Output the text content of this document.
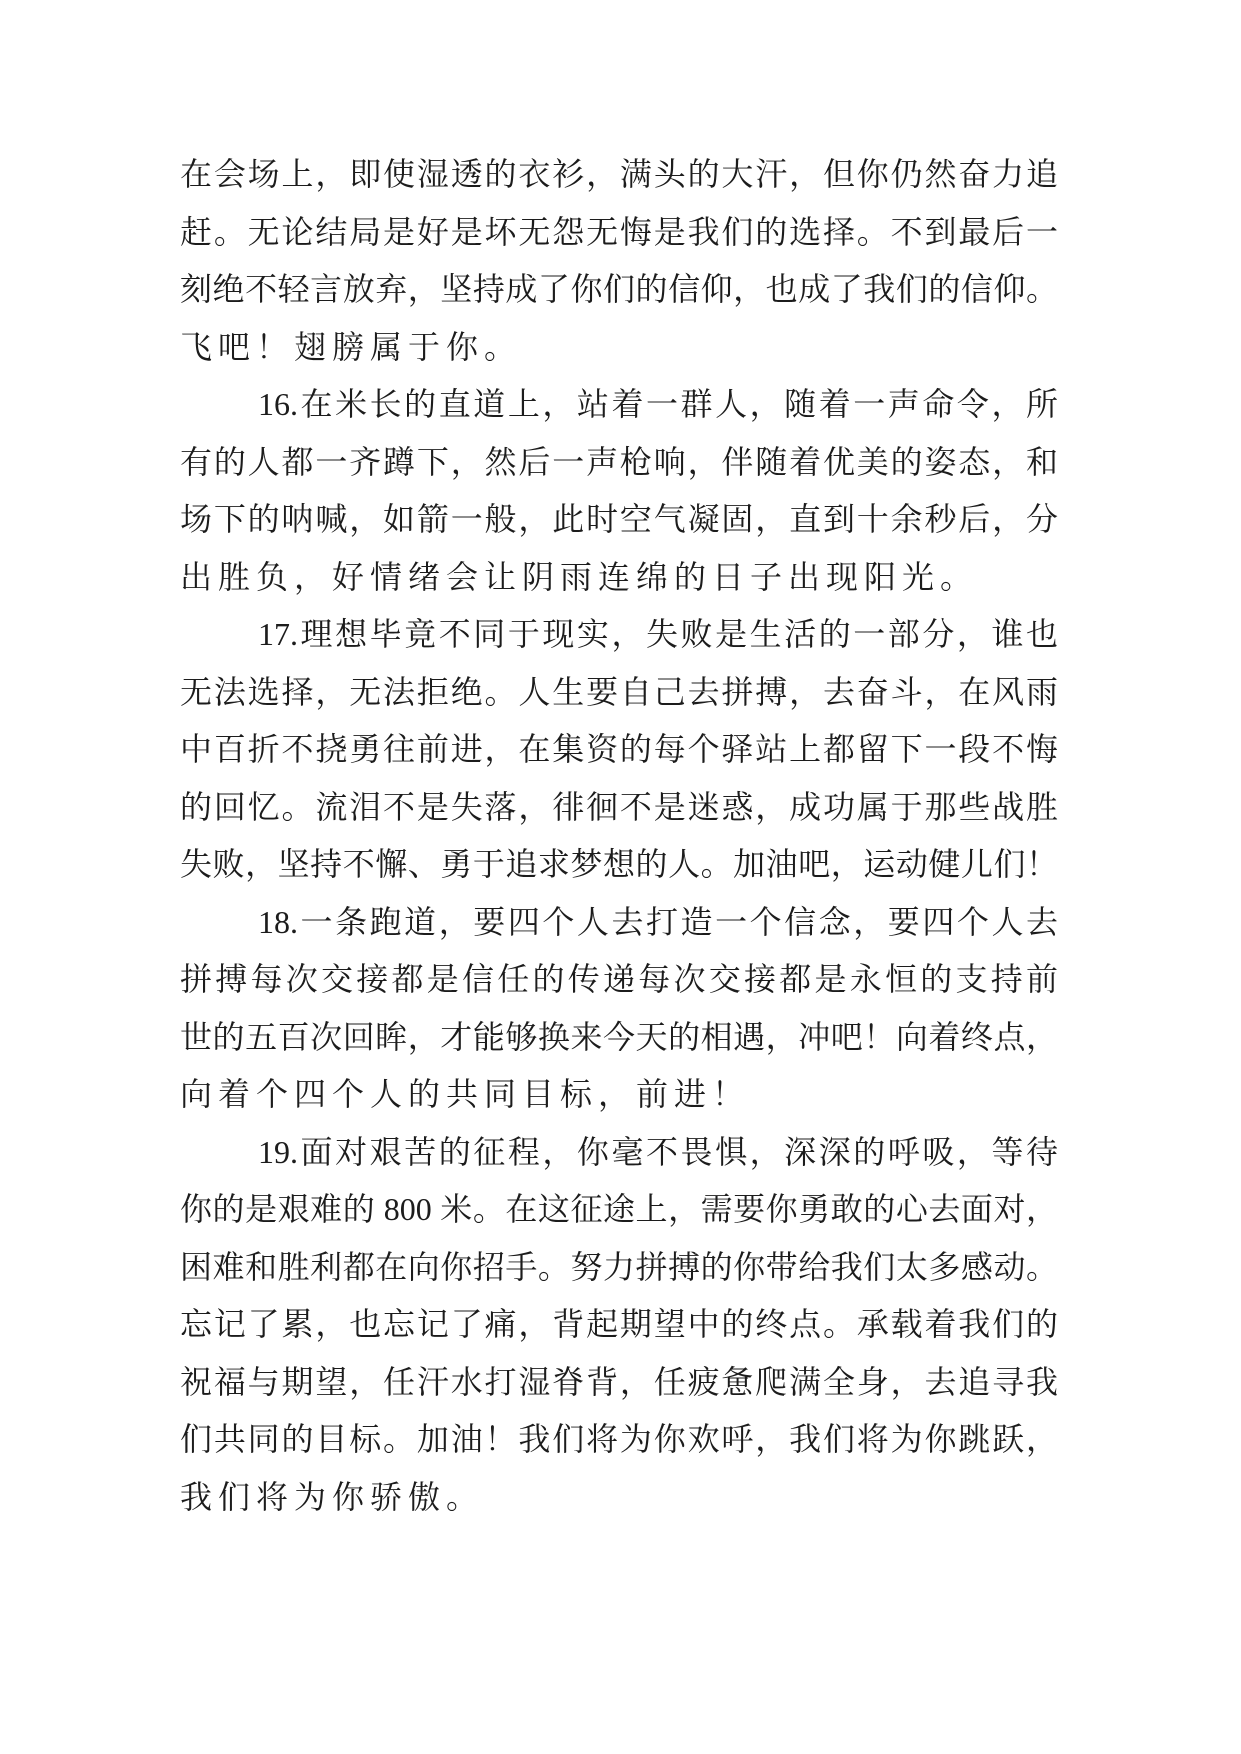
在会场上，即使湿透的衣衫，满头的大汗，但你仍然奋力追
赶。无论结局是好是坏无怨无悔是我们的选择。不到最后一
刻绝不轻言放弃，坚持成了你们的信仰，也成了我们的信仰。
飞吧！翅膀属于你。
16.在米长的直道上，站着一群人，随着一声命令，所
有的人都一齐蹲下，然后一声枪响，伴随着优美的姿态，和
场下的呐喊，如箭一般，此时空气凝固，直到十余秒后，分
出胜负，好情绪会让阴雨连绵的日子出现阳光。
17.理想毕竟不同于现实，失败是生活的一部分，谁也
无法选择，无法拒绝。人生要自己去拼搏，去奋斗，在风雨
中百折不挠勇往前进，在集资的每个驿站上都留下一段不悔
的回忆。流泪不是失落，徘徊不是迷惑，成功属于那些战胜
失败，坚持不懈、勇于追求梦想的人。加油吧，运动健儿们！
18.一条跑道，要四个人去打造一个信念，要四个人去
拼搏每次交接都是信任的传递每次交接都是永恒的支持前
世的五百次回眸，才能够换来今天的相遇，冲吧！向着终点，
向着个四个人的共同目标，前进！
19.面对艰苦的征程，你毫不畏惧，深深的呼吸，等待
你的是艰难的 800 米。在这征途上，需要你勇敢的心去面对，
困难和胜利都在向你招手。努力拼搏的你带给我们太多感动。
忘记了累，也忘记了痛，背起期望中的终点。承载着我们的
祝福与期望，任汗水打湿脊背，任疲惫爬满全身，去追寻我
们共同的目标。加油！我们将为你欢呼，我们将为你跳跃，
我们将为你骄傲。
